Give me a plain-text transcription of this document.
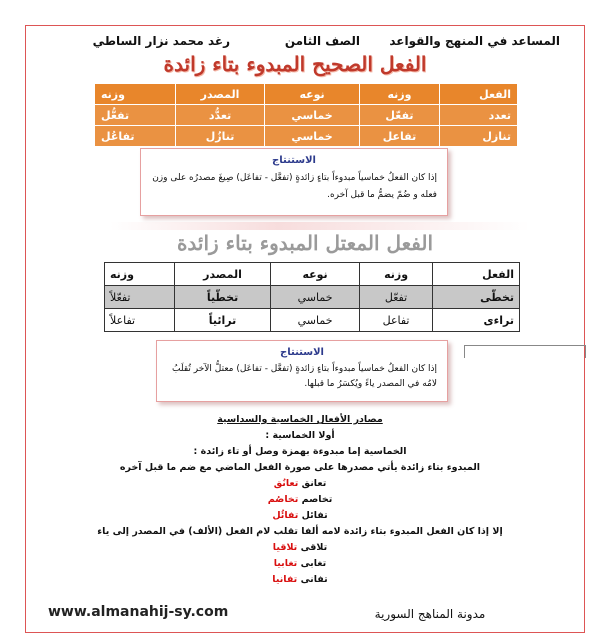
المساعد في المنهج والقواعد
الصف الثامن
رغد محمد نزار الساطي
الفعل الصحيح المبدوء بتاء زائدة
الفعل	وزنه	نوعه	المصدر	وزنه
تعدد	تفعّل	خماسي	تعدُّد	تفعُّل
تنازل	تفاعل	خماسي	تنازُل	تفاعُل
الاستنتاج
إذا كان الفعلُ خماسياً مبدوءاً بتاءٍ زائدةٍ (تفعَّل - تفاعَل) صِيغَ مصدرُه على وزن فعله و ضُمّ يضمُّ ما قبل آخره.
الفعل المعتل المبدوء بتاء زائدة
الفعل	وزنه	نوعه	المصدر	وزنه
تخطّى	تفعّل	خماسي	تخطّياً	تفعّلاً
تراءى	تفاعل	خماسي	ترائياً	تفاعلاً
الاستنتاج
إذا كان الفعلُ خماسياً مبدوءاً بتاءٍ زائدةٍ (تفعَّل - تفاعَل) معتلُّ الآخر تُقلَبُ لامُه في المصدر ياءً ويُكسَرُ ما قبلها.
مصادر الأفعال الخماسية والسداسية
أولا الخماسية :
الخماسية إما مبدوءة بهمزة وصل أو تاء زائدة :
المبدوء بتاء زائدة يأتي مصدرها على صورة الفعل الماضي مع ضم ما قبل آخره
تعانق تعانُق
تخاصم تخاصُم
تفائل تفائُل
إلا إذا كان الفعل المبدوء بتاء زائدة لامه ألفا تقلب لام الفعل (الألف) في المصدر إلى ياء
تلاقى تلاقيا
تغابى تغابيا
تفانى تفانيا
www.almanahij-sy.com	مدونة المناهج السورية
